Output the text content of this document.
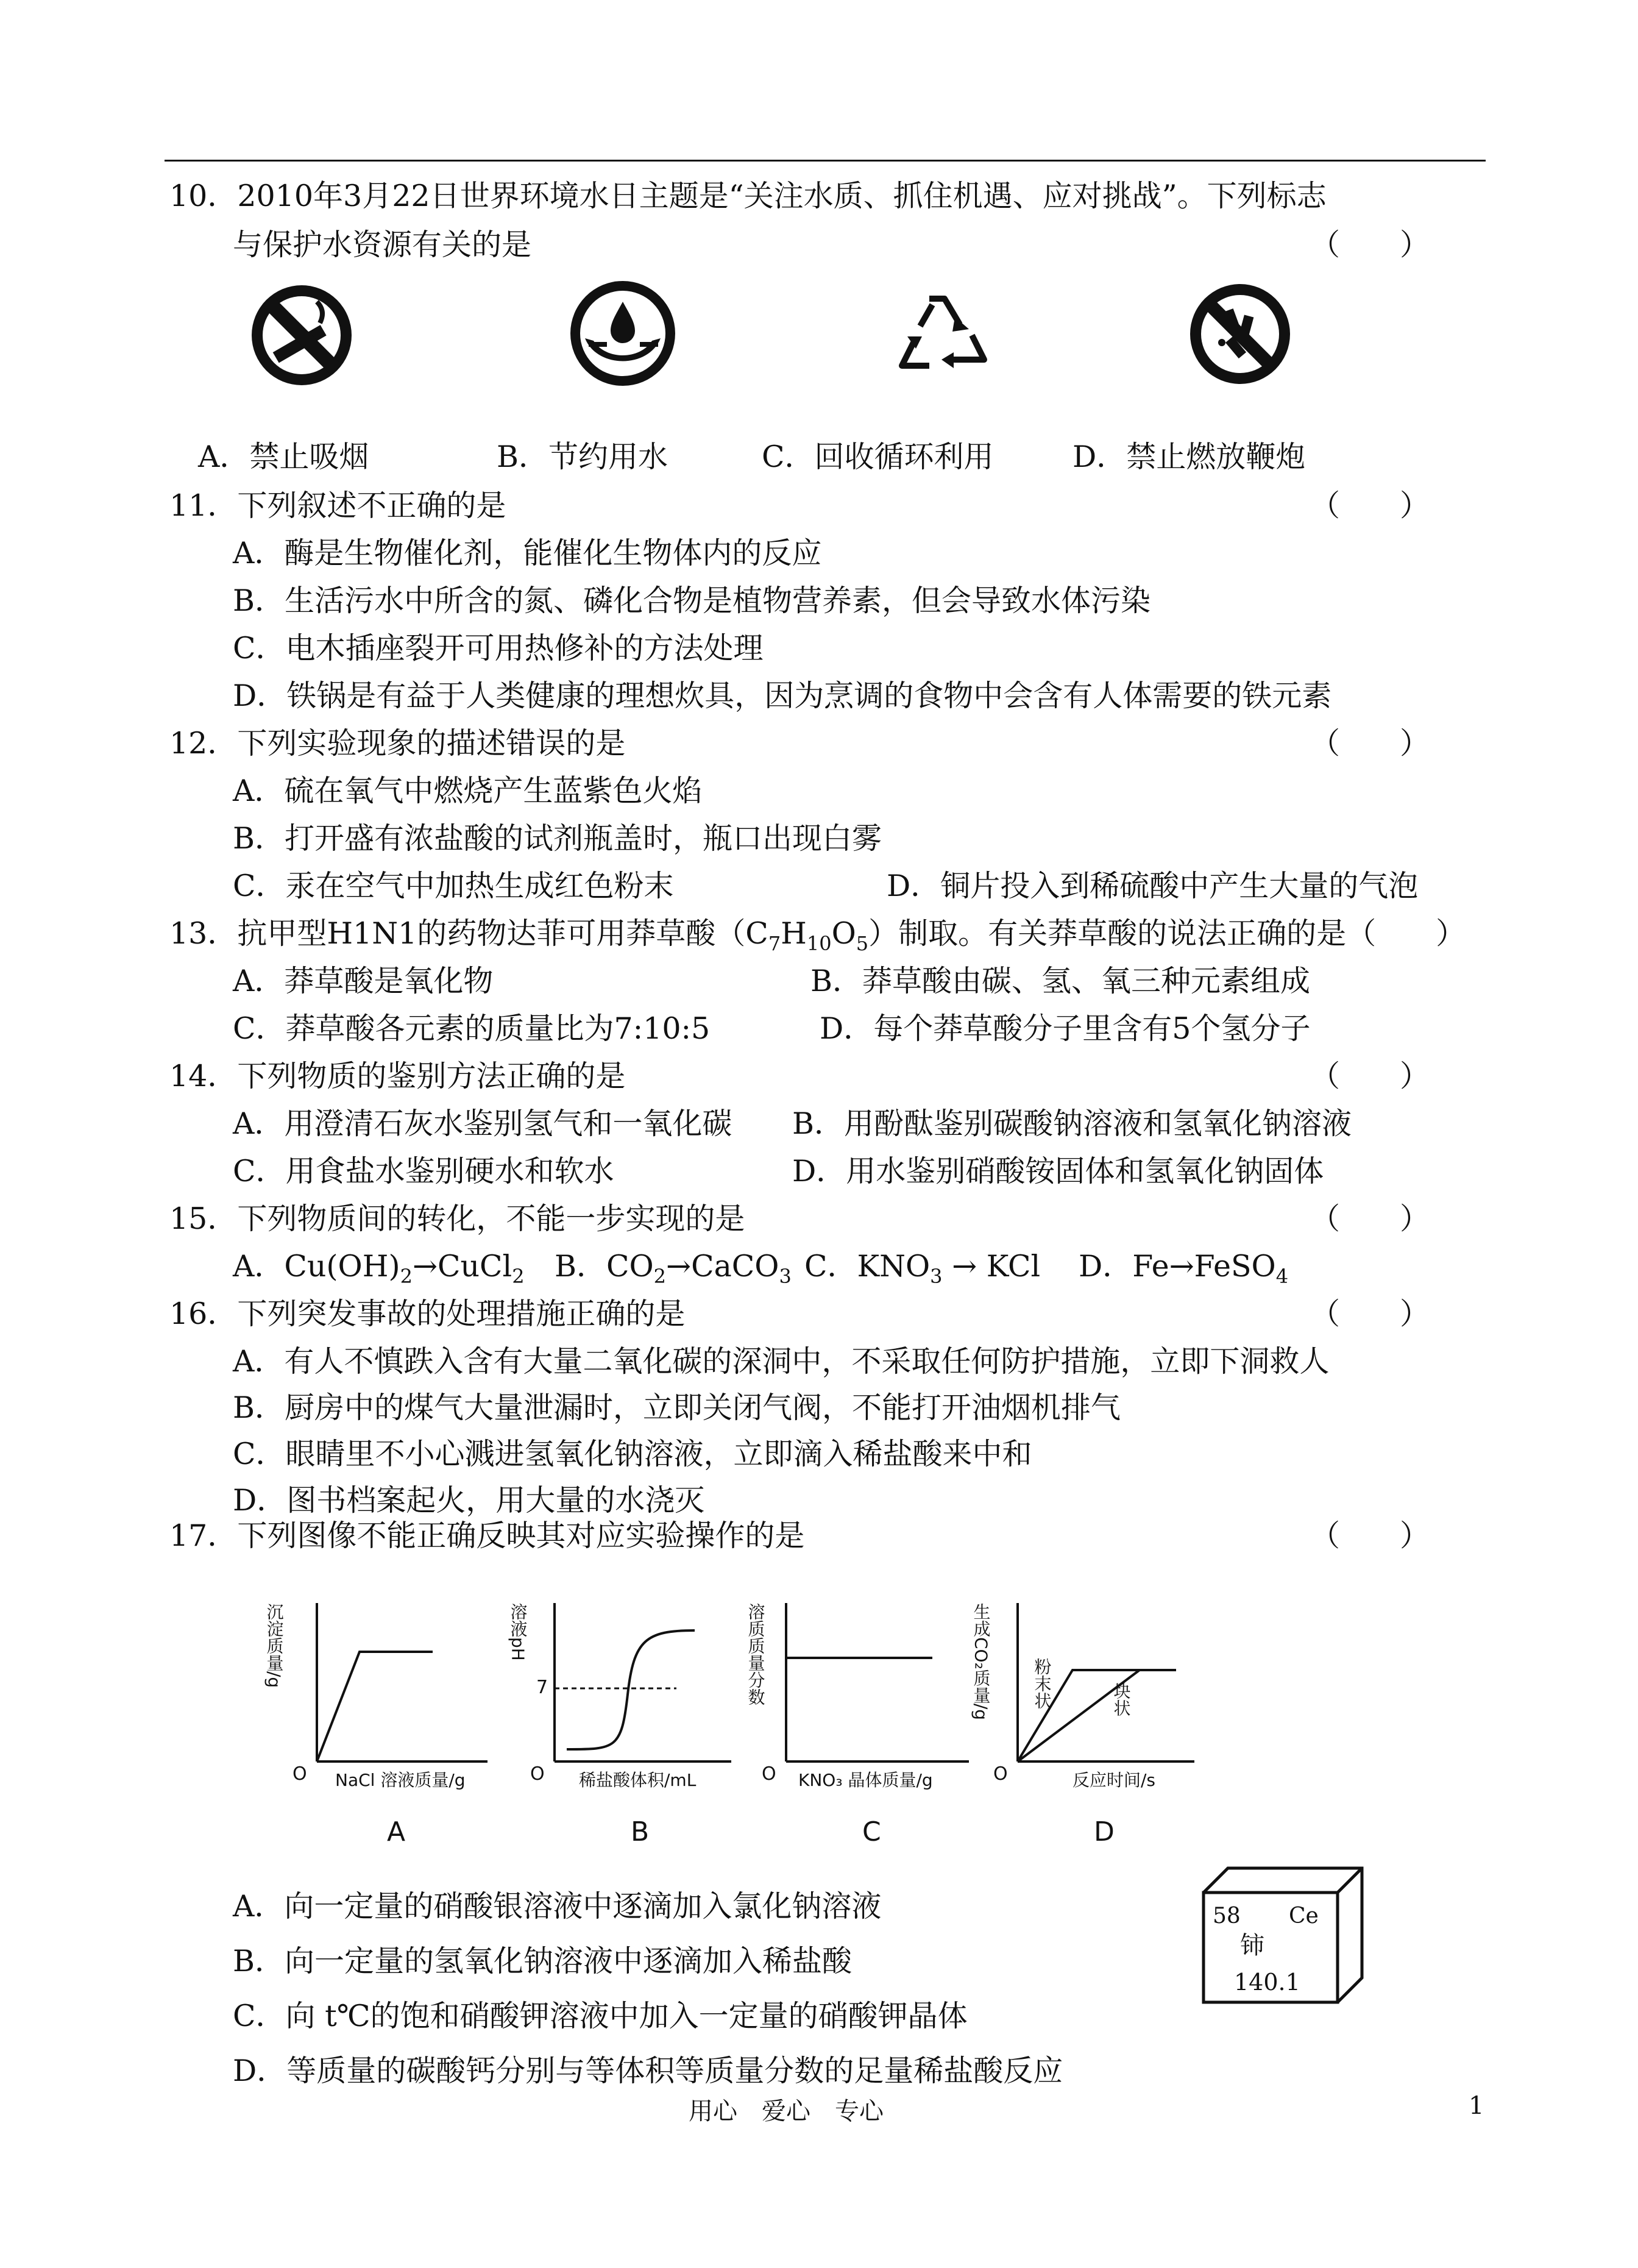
10．2010年3月22日世界环境水日主题是“关注水质、抓住机遇、应对挑战”。下列标志
与保护水资源有关的是	（　　）
A．禁止吸烟	B．节约用水	C．回收循环利用	D．禁止燃放鞭炮
11．下列叙述不正确的是	（　　）
A．酶是生物催化剂，能催化生物体内的反应
B．生活污水中所含的氮、磷化合物是植物营养素，但会导致水体污染
C．电木插座裂开可用热修补的方法处理
D．铁锅是有益于人类健康的理想炊具，因为烹调的食物中会含有人体需要的铁元素
12．下列实验现象的描述错误的是	（　　）
A．硫在氧气中燃烧产生蓝紫色火焰
B．打开盛有浓盐酸的试剂瓶盖时，瓶口出现白雾
C．汞在空气中加热生成红色粉末	D．铜片投入到稀硫酸中产生大量的气泡
13．抗甲型H1N1的药物达菲可用莽草酸$(C_7H_{10}O_5)$制取。有关莽草酸的说法正确的是（　　）
A．莽草酸是氧化物	B．莽草酸由碳、氢、氧三种元素组成
C．莽草酸各元素的质量比为7:10:5	D．每个莽草酸分子里含有5个氢分子
14．下列物质的鉴别方法正确的是	（　　）
A．用澄清石灰水鉴别氢气和一氧化碳 B．用酚酞鉴别碳酸钠溶液和氢氧化钠溶液
C．用食盐水鉴别硬水和软水	D．用水鉴别硝酸铵固体和氢氧化钠固体
15．下列物质间的转化，不能一步实现的是	（　　）
A．$Cu(OH)_2\to CuCl_2$ B．$CO_2\to CaCO_3$ C．$KNO_3$ → KCl D．Fe→FeSO$_4$
16．下列突发事故的处理措施正确的是	（　　）
A．有人不慎跌入含有大量二氧化碳的深洞中，不采取任何防护措施，立即下洞救人
B．厨房中的煤气大量泄漏时，立即关闭气阀，不能打开油烟机排气
C．眼睛里不小心溅进氢氧化钠溶液，立即滴入稀盐酸来中和
D．图书档案起火，用大量的水浇灭
17．下列图像不能正确反映其对应实验操作的是	（　　）
O NaCl 溶液质量/g
沉淀质量/g
A
7
O 稀盐酸体积/mL
溶液pH
B
O KNO₃ 晶体质量/g
溶质质量分数
C
粉末状	块状
O	反应时间/s
生成CO₂质量/g
D
A．向一定量的硝酸银溶液中逐滴加入氯化钠溶液
B．向一定量的氢氧化钠溶液中逐滴加入稀盐酸
C．向 t℃的饱和硝酸钾溶液中加入一定量的硝酸钾晶体
D．等质量的碳酸钙分别与等体积等质量分数的足量稀盐酸反应
58 Ce
铈
140.1
用心　爱心　专心	1
